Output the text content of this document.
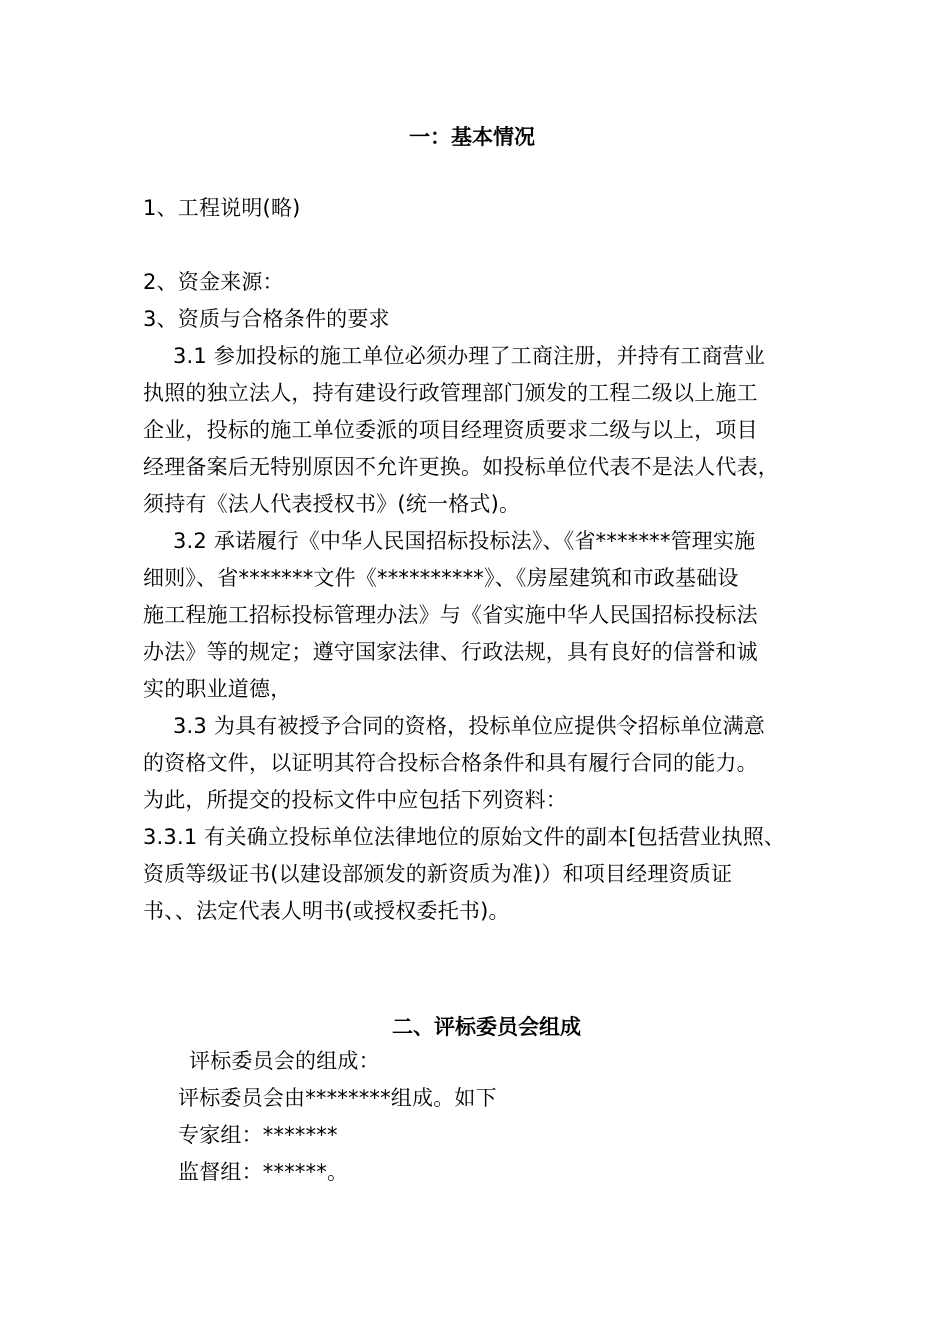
一：基本情况
1、工程说明(略)
2、资金来源：
3、资质与合格条件的要求
3.1 参加投标的施工单位必须办理了工商注册，并持有工商营业
执照的独立法人，持有建设行政管理部门颁发的工程二级以上施工
企业，投标的施工单位委派的项目经理资质要求二级与以上，项目
经理备案后无特别原因不允许更换。如投标单位代表不是法人代表，
须持有《法人代表授权书》(统一格式)。
3.2 承诺履行《中华人民国招标投标法》、《省*******管理实施
细则》、省*******文件《**********》、《房屋建筑和市政基础设
施工程施工招标投标管理办法》与《省实施中华人民国招标投标法
办法》等的规定；遵守国家法律、行政法规，具有良好的信誉和诚
实的职业道德，
3.3 为具有被授予合同的资格，投标单位应提供令招标单位满意
的资格文件，以证明其符合投标合格条件和具有履行合同的能力。
为此，所提交的投标文件中应包括下列资料：
3.3.1 有关确立投标单位法律地位的原始文件的副本[包括营业执照、
资质等级证书(以建设部颁发的新资质为准)）和项目经理资质证
书、、法定代表人明书(或授权委托书)。
二、评标委员会组成
评标委员会的组成：
评标委员会由********组成。如下
专家组：*******
监督组：******。
